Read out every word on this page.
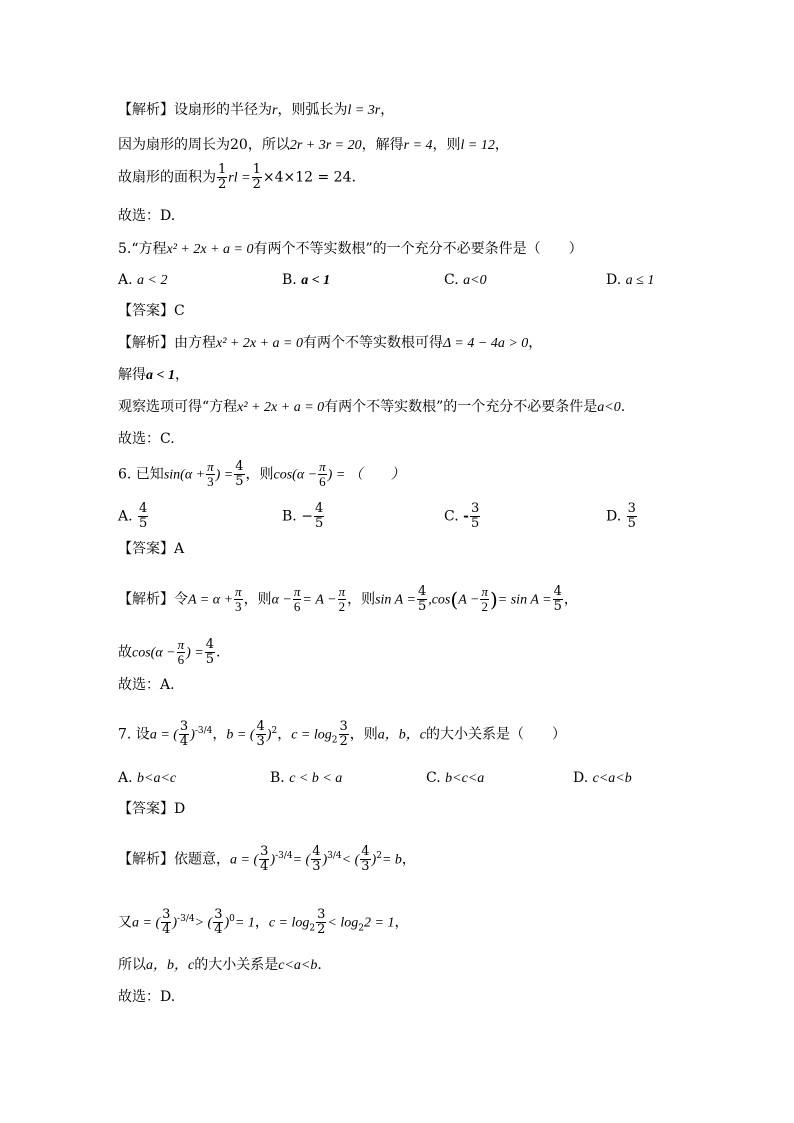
【解析】设扇形的半径为r，则弧长为l = 3r，
因为扇形的周长为20，所以2r + 3r = 20，解得r = 4，则l = 12，
故扇形的面积为 $\frac{1}{2}$ rl = $\frac{1}{2} \times 4\times 12 = 24$.
故选：D.
5.“方程x² + 2x + a = 0有两个不等实数根”的一个充分不必要条件是（　　）
A. a < 2	B. a < 1	C. a<0	D. a ≤ 1
【答案】C
【解析】由方程x² + 2x + a = 0有两个不等实数根可得Δ = 4 − 4a > 0，
解得a < 1，
观察选项可得“方程x² + 2x + a = 0有两个不等实数根”的一个充分不必要条件是a<0.
故选：C.
6. 已知$\sin(\alpha + \frac{\pi}{3}$ ) = $\frac{4}{5}$ ，则$\cos(\alpha - \frac{\pi}{6}$ ) = （　　）
A. $\frac{4}{5}$	B. − $\frac{4}{5}$	C. - $\frac{3}{5}$	D. $\frac{3}{5}$
【答案】A
【解析】令$A = \alpha + \frac{\pi}{3}$ ，则$\alpha - \frac{\pi}{6} = A - \frac{\pi}{2}$ ，则$\sin A = \frac{4}{5} ,\cos(A - \frac{\pi}{2}$ )= $\sin A = \frac{4}{5}$ ，
故$\cos(\alpha - \frac{\pi}{6}$ ) = $\frac{4}{5}$ .
故选：A.
7. 设a = ( $\frac{3}{4} )^{-3/4}$，b = ( $\frac{4}{3} )^2$，$c = \log_2 \frac{3}{2}$ ，则a，b，c的大小关系是（　　）
A. b<a<c	B. c < b < a	C. b<c<a	D. c<a<b
【答案】D
【解析】依题意，a = ( $\frac{3}{4} )^{-3/4}=$ ( $\frac{4}{3} )^{3/4}<$ ( $\frac{4}{3} )^2= b$，
又a = ( $\frac{3}{4} )^{-3/4}>$ ( $\frac{3}{4} )^0= 1$，$c = \log_2 \frac{3}{2} < \log_22 = 1$，
所以a，b，c的大小关系是c<a<b.
故选：D.
